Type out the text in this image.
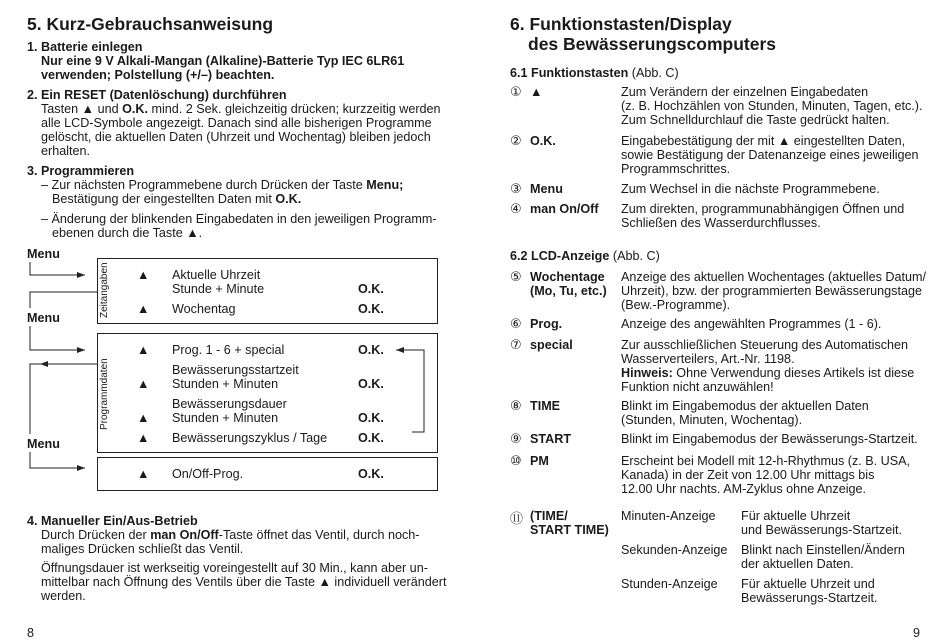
5. Kurz-Gebrauchsanweisung
1. Batterie einlegen
Nur eine 9 V Alkali-Mangan (Alkaline)-Batterie Typ IEC 6LR61
verwenden; Polstellung (+/–) beachten.
2. Ein RESET (Datenlöschung) durchführen
Tasten ▲ und O.K. mind. 2 Sek. gleichzeitig drücken; kurzzeitig werden
alle LCD-Symbole angezeigt. Danach sind alle bisherigen Programme
gelöscht, die aktuellen Daten (Uhrzeit und Wochentag) bleiben jedoch
erhalten.
3. Programmieren
– Zur nächsten Programmebene durch Drücken der Taste Menu;
Bestätigung der eingestellten Daten mit O.K.
– Änderung der blinkenden Eingabedaten in den jeweiligen Programm-
ebenen durch die Taste ▲.
Menu
Menu
Menu
Zeitangaben ▲ Aktuelle Uhrzeit
Stunde + Minute	O.K.
▲ Wochentag	O.K.
Programmdaten
▲ Prog. 1 - 6 + special	O.K.
Bewässerungsstartzeit
▲ Stunden + Minuten	O.K.
Bewässerungsdauer
▲ Stunden + Minuten	O.K.
▲ Bewässerungszyklus / Tage O.K.
▲ On/Off-Prog.	O.K.
4. Manueller Ein/Aus-Betrieb
Durch Drücken der man On/Off-Taste öffnet das Ventil, durch noch-
maliges Drücken schließt das Ventil.
Öffnungsdauer ist werkseitig voreingestellt auf 30 Min., kann aber un-
mittelbar nach Öffnung des Ventils über die Taste ▲ individuell verändert
werden.
8
6. Funktionstasten/Display
des Bewässerungscomputers
6.1 Funktionstasten (Abb. C)
① ▲	Zum Verändern der einzelnen Eingabedaten
(z. B. Hochzählen von Stunden, Minuten, Tagen, etc.).
Zum Schnelldurchlauf die Taste gedrückt halten.
② O.K.	Eingabebestätigung der mit ▲ eingestellten Daten,
sowie Bestätigung der Datenanzeige eines jeweiligen
Programmschrittes.
③ Menu	Zum Wechsel in die nächste Programmebene.
④ man On/Off Zum direkten, programmunabhängigen Öffnen und
Schließen des Wasserdurchflusses.
6.2 LCD-Anzeige (Abb. C)
⑤ Wochentage
(Mo, Tu, etc.)
Anzeige des aktuellen Wochentages (aktuelles Datum/
Uhrzeit), bzw. der programmierten Bewässerungstage
(Bew.-Programme).
⑥ Prog.	Anzeige des angewählten Programmes (1 - 6).
⑦ special	Zur ausschließlichen Steuerung des Automatischen
Wasserverteilers, Art.-Nr. 1198.
Hinweis: Ohne Verwendung dieses Artikels ist diese
Funktion nicht anzuwählen!
⑧ TIME	Blinkt im Eingabemodus der aktuellen Daten
(Stunden, Minuten, Wochentag).
⑨ START	Blinkt im Eingabemodus der Bewässerungs-Startzeit.
⑩ PM	Erscheint bei Modell mit 12-h-Rhythmus (z. B. USA,
Kanada) in der Zeit von 12.00 Uhr mittags bis
12.00 Uhr nachts. AM-Zyklus ohne Anzeige.
⑪ (TIME/
START TIME)
Minuten-Anzeige Für aktuelle Uhrzeit
und Bewässerungs-Startzeit.
Sekunden-Anzeige Blinkt nach Einstellen/Ändern
der aktuellen Daten.
Stunden-Anzeige Für aktuelle Uhrzeit und
Bewässerungs-Startzeit.
9
